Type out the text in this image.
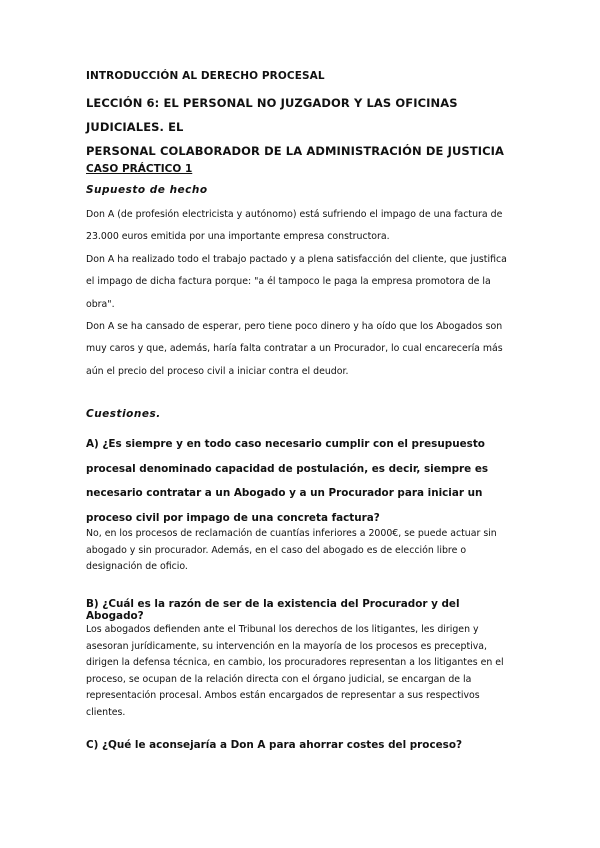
INTRODUCCIÓN AL DERECHO PROCESAL
LECCIÓN 6: EL PERSONAL NO JUZGADOR Y LAS OFICINAS JUDICIALES. EL
PERSONAL COLABORADOR DE LA ADMINISTRACIÓN DE JUSTICIA
CASO PRÁCTICO 1
Supuesto de hecho

Don A (de profesión electricista y autónomo) está sufriendo el impago de una factura de 23.000 euros emitida por una importante empresa constructora.

Don A ha realizado todo el trabajo pactado y a plena satisfacción del cliente, que justifica el impago de dicha factura porque: "a él tampoco le paga la empresa promotora de la obra".

Don A se ha cansado de esperar, pero tiene poco dinero y ha oído que los Abogados son muy caros y que, además, haría falta contratar a un Procurador, lo cual encarecería más aún el precio del proceso civil a iniciar contra el deudor.

Cuestiones.
A) ¿Es siempre y en todo caso necesario cumplir con el presupuesto procesal denominado capacidad de postulación, es decir, siempre es necesario contratar a un Abogado y a un Procurador para iniciar un proceso civil por impago de una concreta factura?
No, en los procesos de reclamación de cuantías inferiores a 2000€, se puede actuar sin abogado y sin procurador. Además, en el caso del abogado es de elección libre o designación de oficio.
B) ¿Cuál es la razón de ser de la existencia del Procurador y del Abogado?
Los abogados defienden ante el Tribunal los derechos de los litigantes, les dirigen y asesoran jurídicamente, su intervención en la mayoría de los procesos es preceptiva, dirigen la defensa técnica, en cambio, los procuradores representan a los litigantes en el proceso, se ocupan de la relación directa con el órgano judicial, se encargan de la representación procesal. Ambos están encargados de representar a sus respectivos clientes.
C) ¿Qué le aconsejaría a Don A para ahorrar costes del proceso?
